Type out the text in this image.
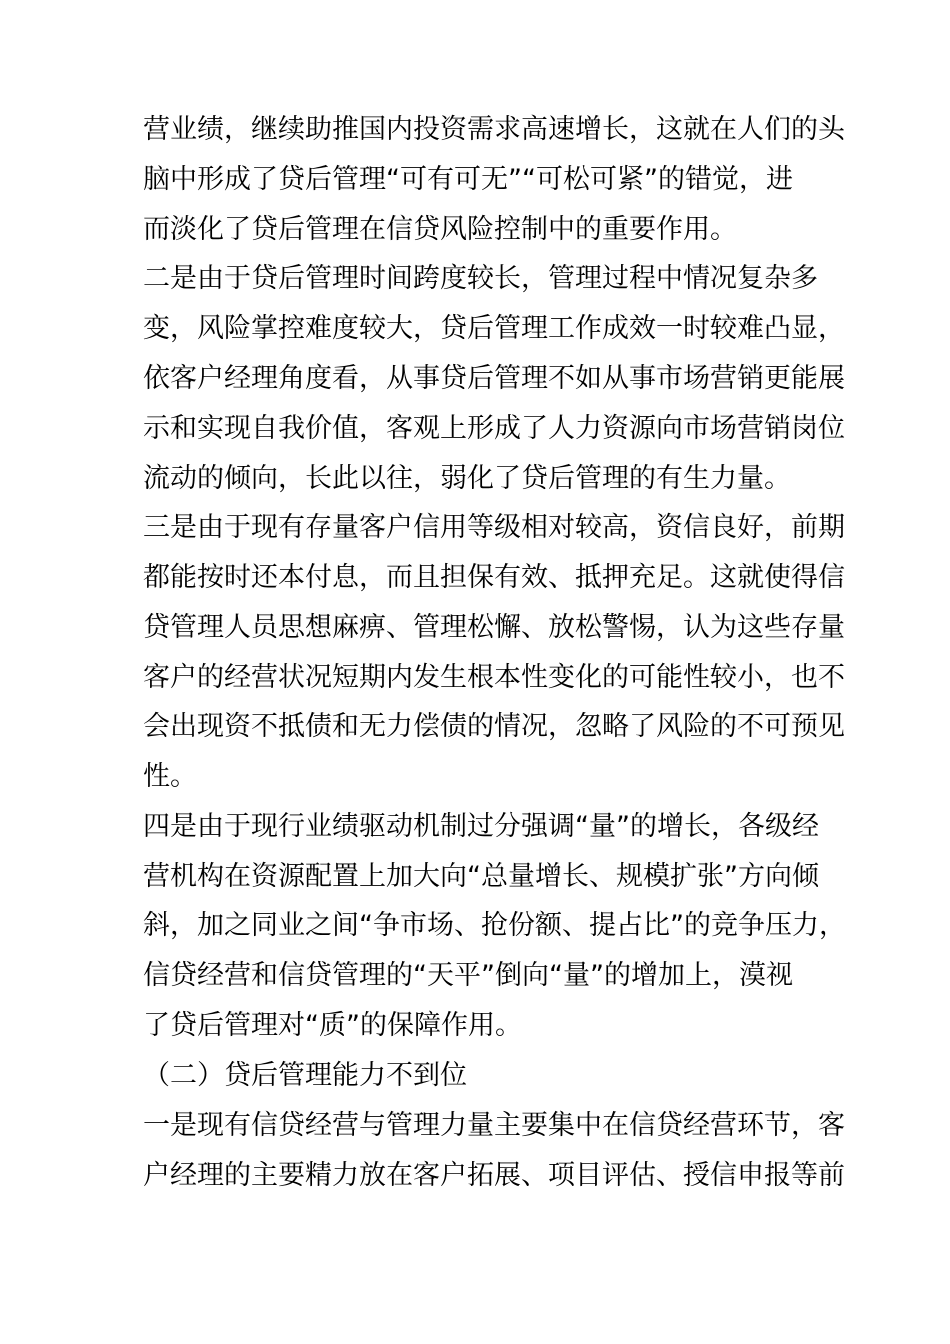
营业绩，继续助推国内投资需求高速增长，这就在人们的头
脑中形成了贷后管理“可有可无”“可松可紧”的错觉，进
而淡化了贷后管理在信贷风险控制中的重要作用。
二是由于贷后管理时间跨度较长，管理过程中情况复杂多
变，风险掌控难度较大，贷后管理工作成效一时较难凸显，
依客户经理角度看，从事贷后管理不如从事市场营销更能展
示和实现自我价值，客观上形成了人力资源向市场营销岗位
流动的倾向，长此以往，弱化了贷后管理的有生力量。
三是由于现有存量客户信用等级相对较高，资信良好，前期
都能按时还本付息，而且担保有效、抵押充足。这就使得信
贷管理人员思想麻痹、管理松懈、放松警惕，认为这些存量
客户的经营状况短期内发生根本性变化的可能性较小，也不
会出现资不抵债和无力偿债的情况，忽略了风险的不可预见
性。
四是由于现行业绩驱动机制过分强调“量”的增长，各级经
营机构在资源配置上加大向“总量增长、规模扩张”方向倾
斜，加之同业之间“争市场、抢份额、提占比”的竞争压力，
信贷经营和信贷管理的“天平”倒向“量”的增加上，漠视
了贷后管理对“质”的保障作用。
（二）贷后管理能力不到位
一是现有信贷经营与管理力量主要集中在信贷经营环节，客
户经理的主要精力放在客户拓展、项目评估、授信申报等前
